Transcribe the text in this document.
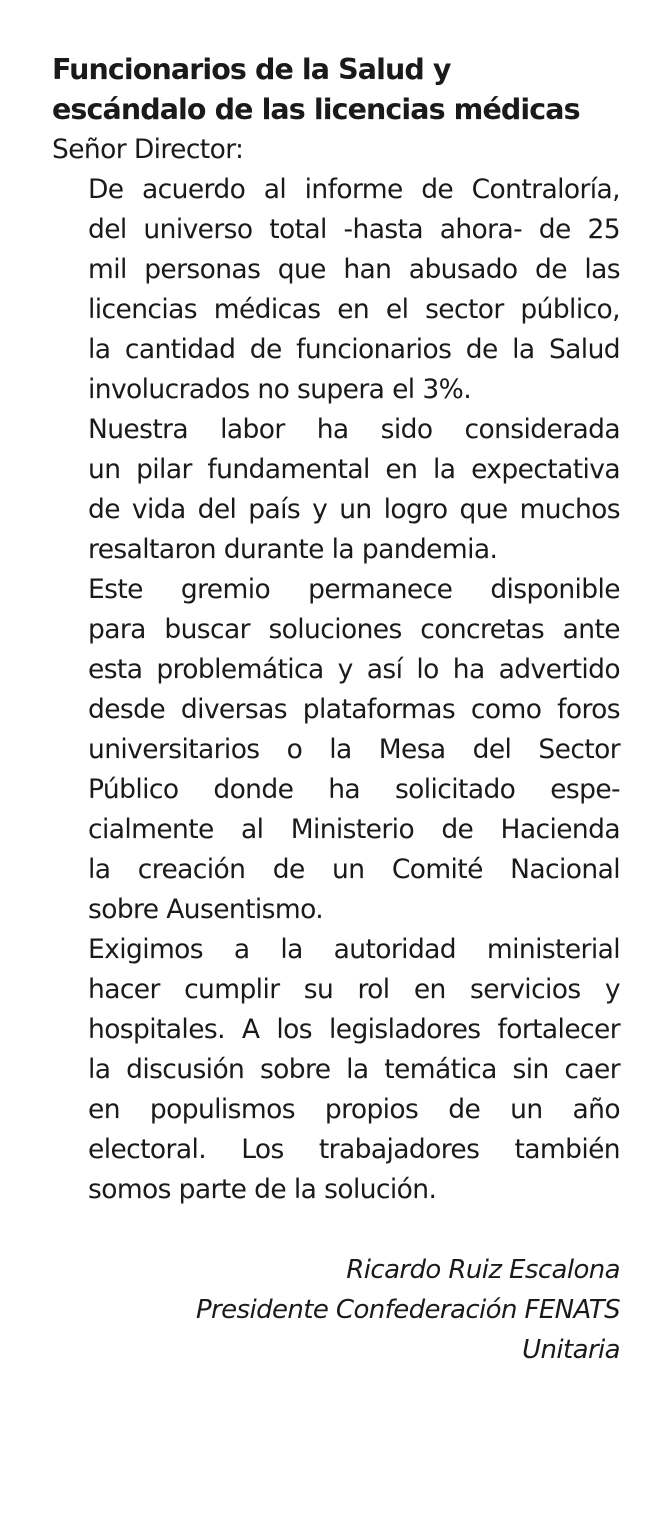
Funcionarios de la Salud y
escándalo de las licencias médicas

Señor Director:

De acuerdo al informe de Contraloría,
del universo total -hasta ahora- de 25
mil personas que han abusado de las
licencias médicas en el sector público,
la cantidad de funcionarios de la Salud
involucrados no supera el 3%.

Nuestra labor ha sido considerada
un pilar fundamental en la expectativa
de vida del país y un logro que muchos
resaltaron durante la pandemia.

Este gremio permanece disponible
para buscar soluciones concretas ante
esta problemática y así lo ha advertido
desde diversas plataformas como foros
universitarios o la Mesa del Sector
Público donde ha solicitado espe-
cialmente al Ministerio de Hacienda
la creación de un Comité Nacional
sobre Ausentismo.

Exigimos a la autoridad ministerial
hacer cumplir su rol en servicios y
hospitales. A los legisladores fortalecer
la discusión sobre la temática sin caer
en populismos propios de un año
electoral. Los trabajadores también
somos parte de la solución.

Ricardo Ruiz Escalona
Presidente Confederación FENATS
Unitaria
